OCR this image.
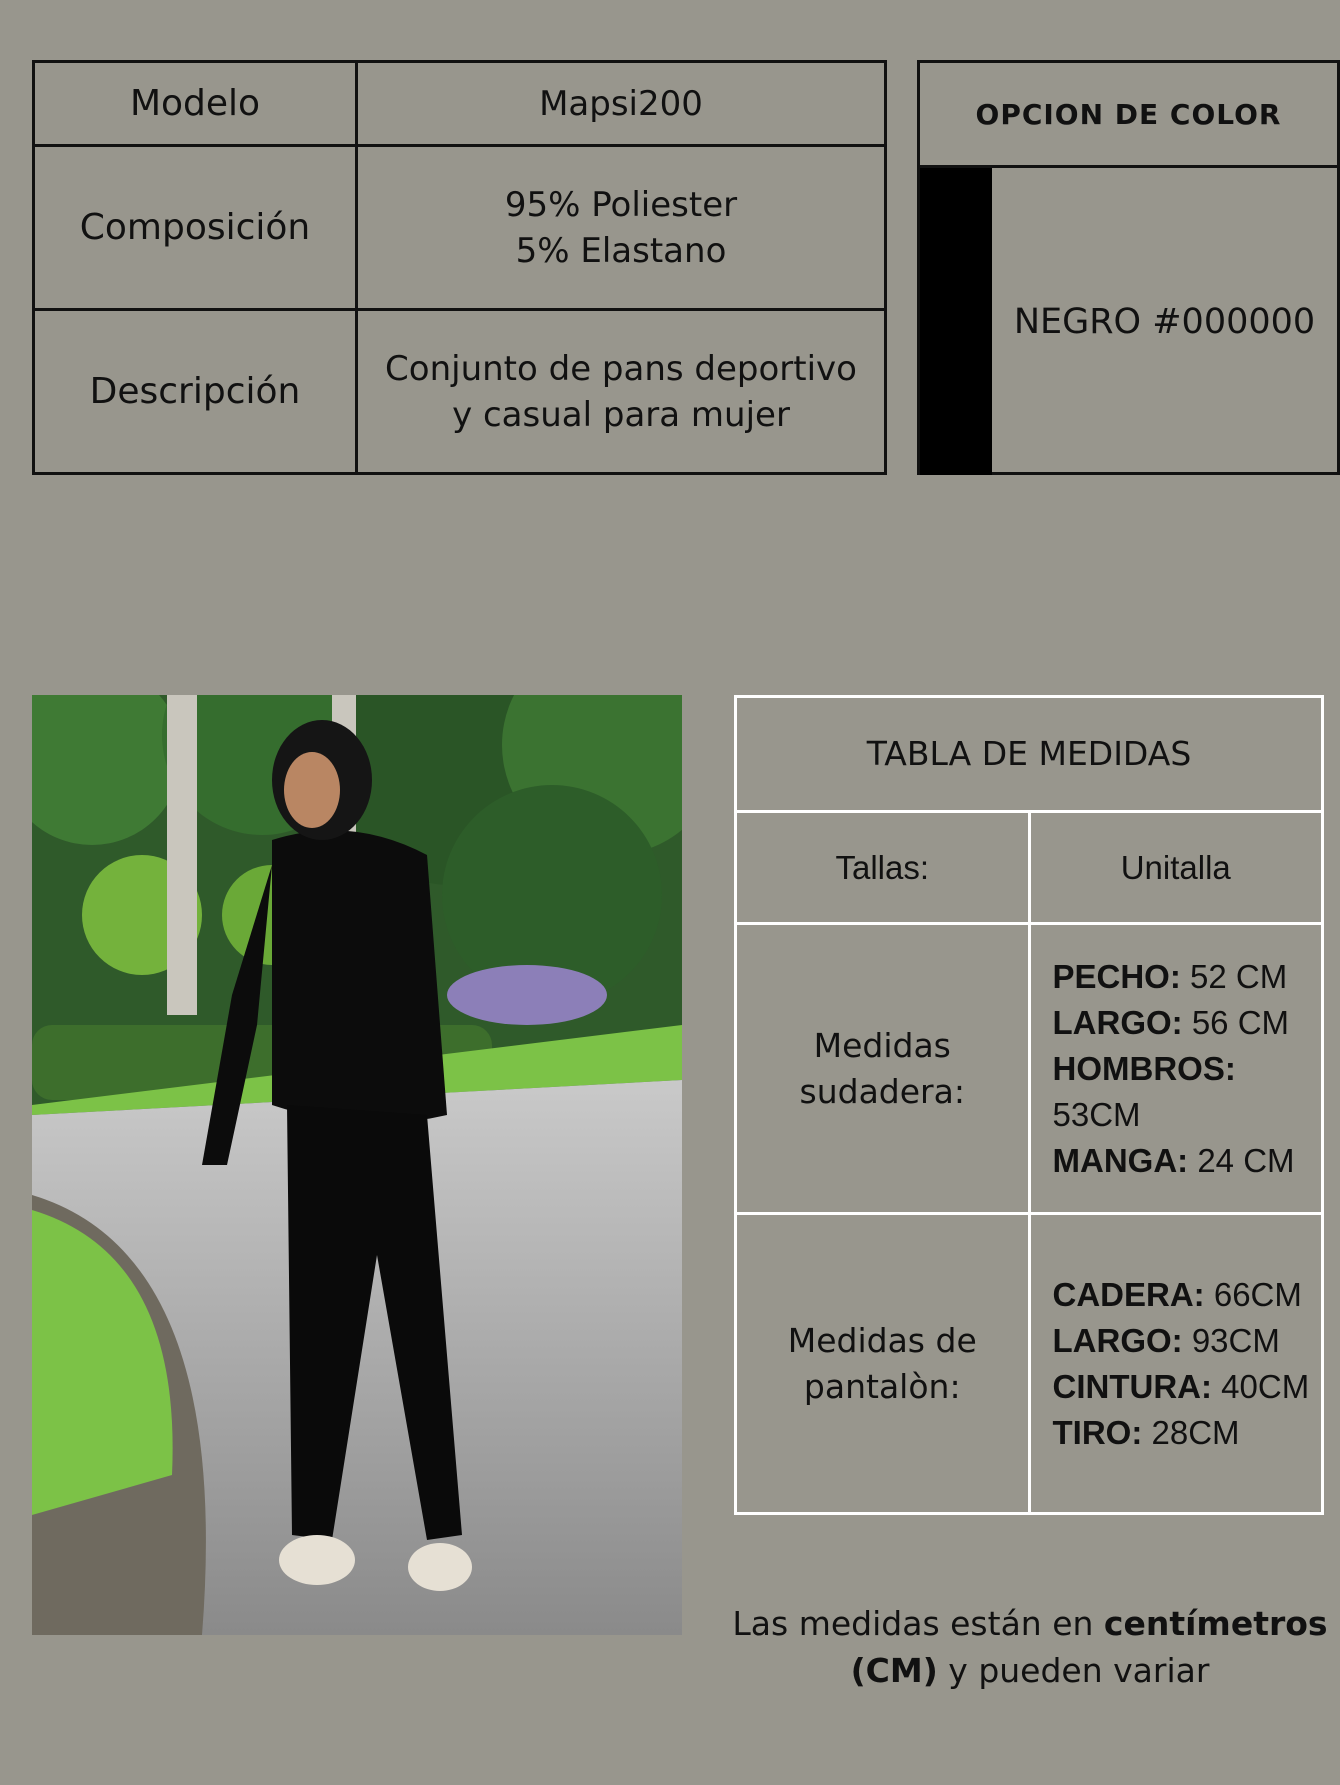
Modelo	Mapsi200

Composición	95% Poliester
5% Elastano

Descripción	Conjunto de pans deportivo
y casual para mujer
OPCION DE COLOR
NEGRO #000000
TABLA DE MEDIDAS	
Tallas:	Unitalla

Medidas
sudadera:	PECHO: 52 CM
LARGO: 56 CM
HOMBROS: 53CM
MANGA: 24 CM

Medidas de
pantalòn:	CADERA: 66CM
LARGO: 93CM
CINTURA: 40CM
TIRO: 28CM
Las medidas están en centímetros
(CM) y pueden variar
